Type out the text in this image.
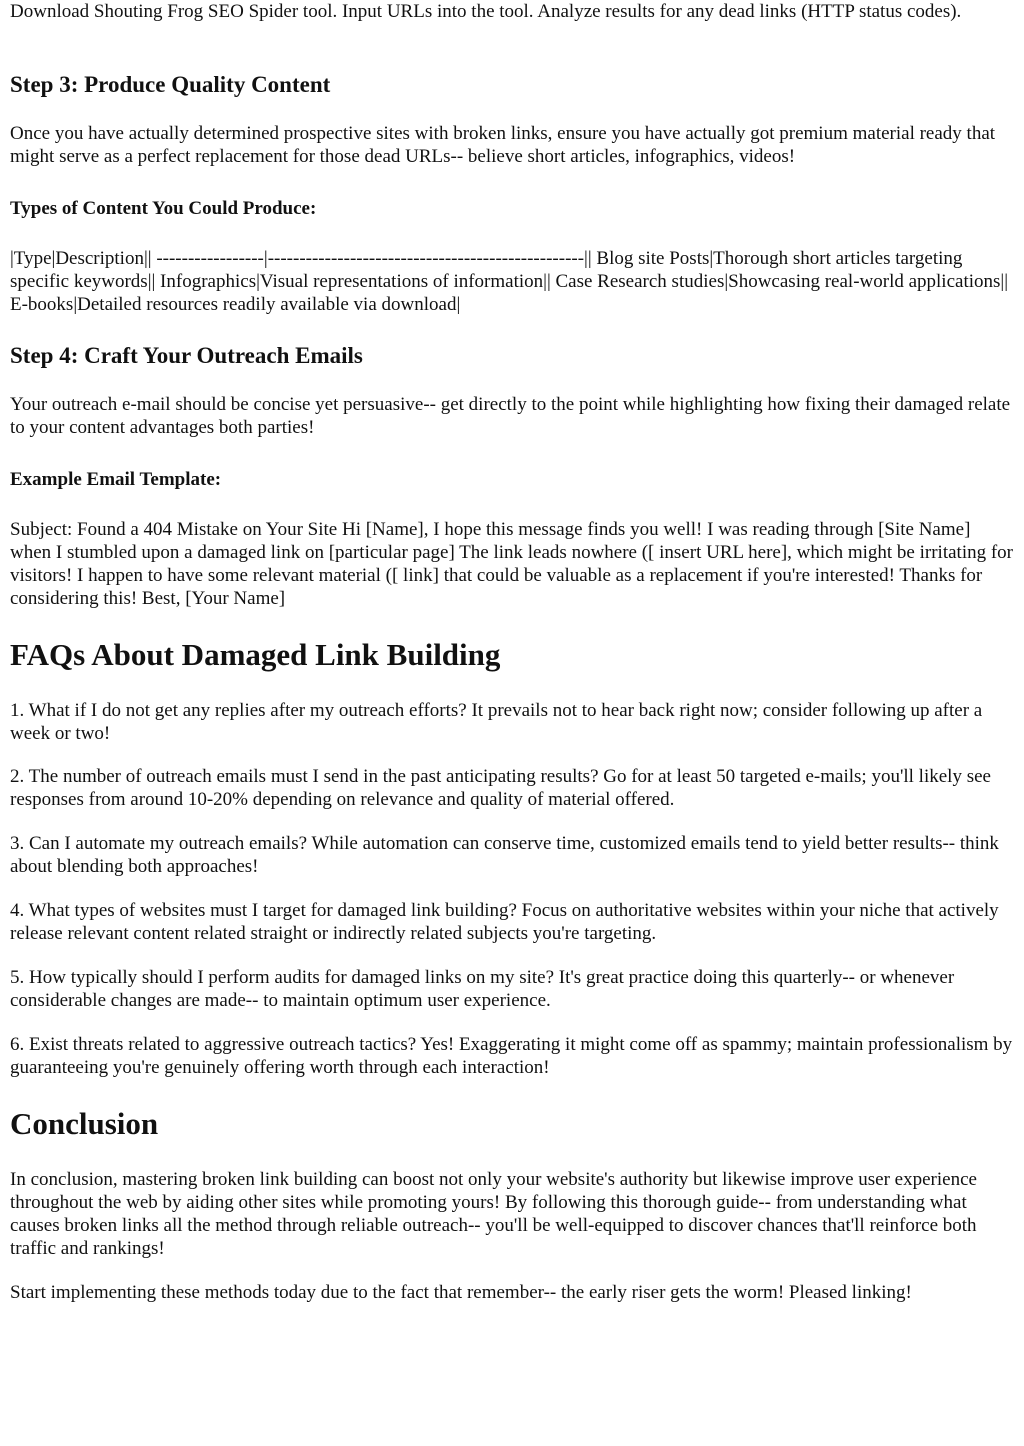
Download Shouting Frog SEO Spider tool. Input URLs into the tool. Analyze results for any dead links (HTTP status codes).

Step 3: Produce Quality Content

Once you have actually determined prospective sites with broken links, ensure you have actually got premium material ready that might serve as a perfect replacement for those dead URLs-- believe short articles, infographics, videos!

Types of Content You Could Produce:

|Type|Description|| -----------------|--------------------------------------------------|| Blog site Posts|Thorough short articles targeting specific keywords|| Infographics|Visual representations of information|| Case Research studies|Showcasing real-world applications|| E-books|Detailed resources readily available via download|

Step 4: Craft Your Outreach Emails

Your outreach e-mail should be concise yet persuasive-- get directly to the point while highlighting how fixing their damaged relate to your content advantages both parties!

Example Email Template:

Subject: Found a 404 Mistake on Your Site Hi [Name], I hope this message finds you well! I was reading through [Site Name] when I stumbled upon a damaged link on [particular page] The link leads nowhere ([ insert URL here], which might be irritating for visitors! I happen to have some relevant material ([ link] that could be valuable as a replacement if you're interested! Thanks for considering this! Best, [Your Name]

FAQs About Damaged Link Building

1. What if I do not get any replies after my outreach efforts? It prevails not to hear back right now; consider following up after a week or two!

2. The number of outreach emails must I send in the past anticipating results? Go for at least 50 targeted e-mails; you'll likely see responses from around 10-20% depending on relevance and quality of material offered.

3. Can I automate my outreach emails? While automation can conserve time, customized emails tend to yield better results-- think about blending both approaches!

4. What types of websites must I target for damaged link building? Focus on authoritative websites within your niche that actively release relevant content related straight or indirectly related subjects you're targeting.

5. How typically should I perform audits for damaged links on my site? It's great practice doing this quarterly-- or whenever considerable changes are made-- to maintain optimum user experience.

6. Exist threats related to aggressive outreach tactics? Yes! Exaggerating it might come off as spammy; maintain professionalism by guaranteeing you're genuinely offering worth through each interaction!

Conclusion

In conclusion, mastering broken link building can boost not only your website's authority but likewise improve user experience throughout the web by aiding other sites while promoting yours! By following this thorough guide-- from understanding what causes broken links all the method through reliable outreach-- you'll be well-equipped to discover chances that'll reinforce both traffic and rankings!

Start implementing these methods today due to the fact that remember-- the early riser gets the worm! Pleased linking!
